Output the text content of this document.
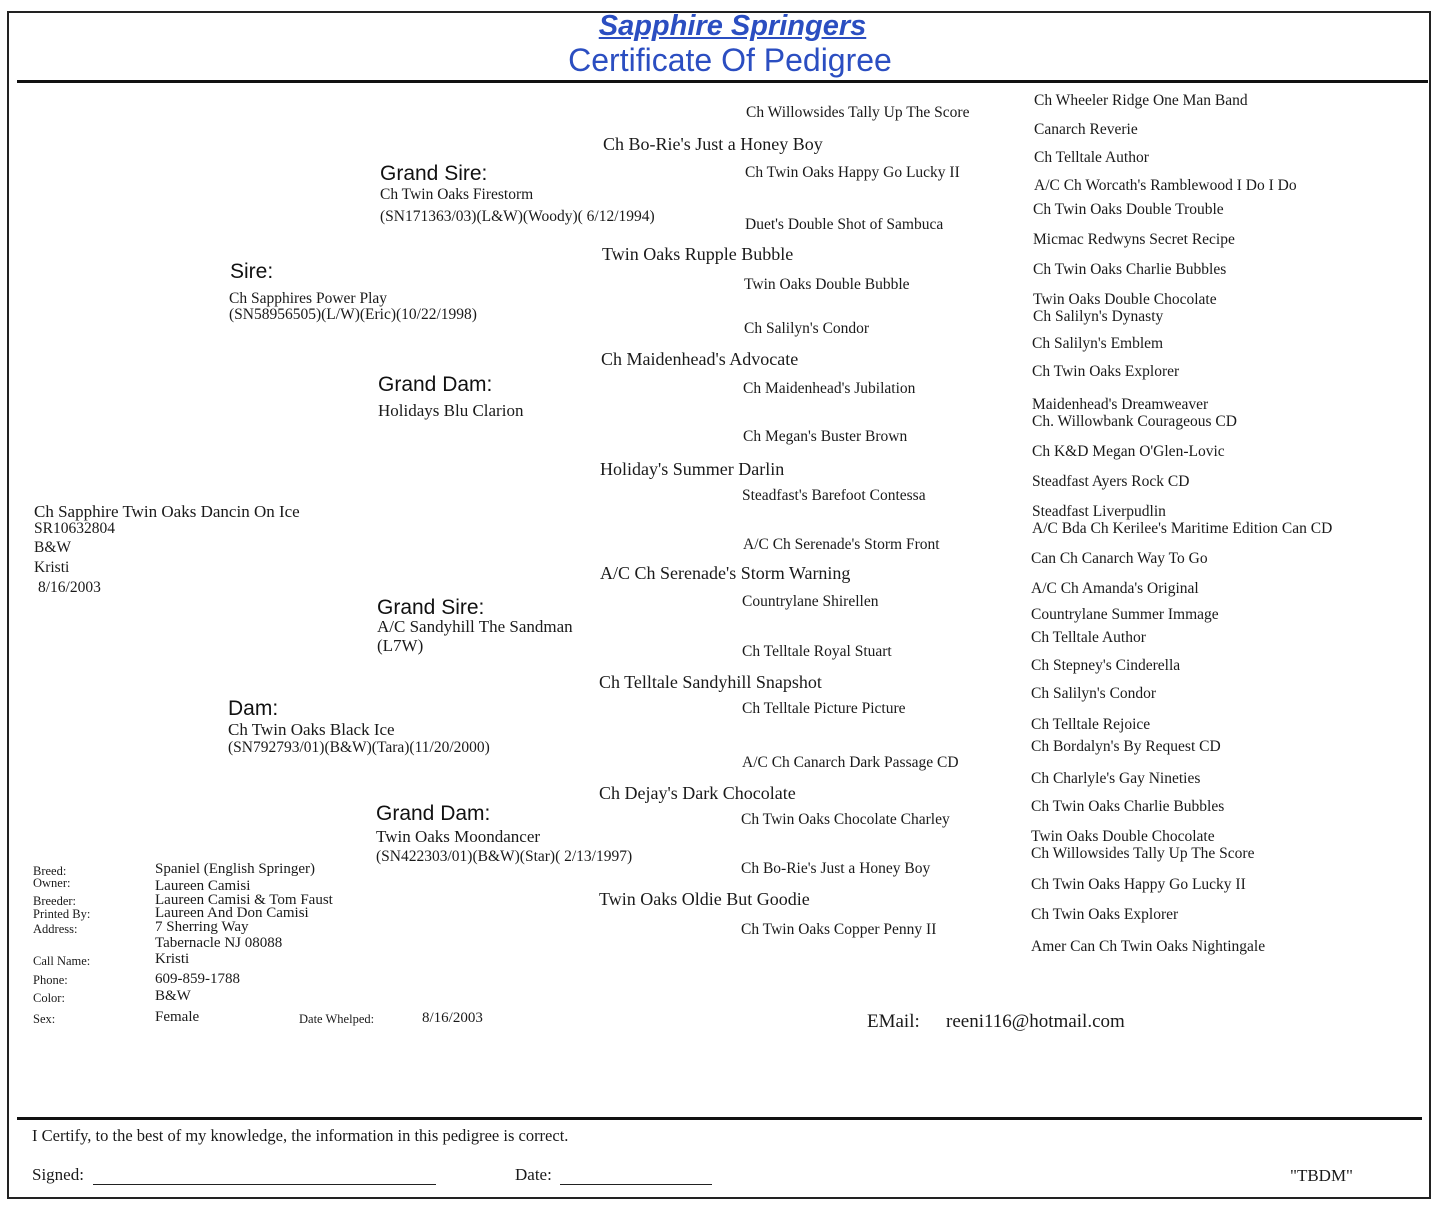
Sapphire Springers
Certificate Of Pedigree
Ch Sapphire Twin Oaks Dancin On Ice
SR10632804
B&W
Kristi
8/16/2003
Sire:
Ch Sapphires Power Play
(SN58956505)(L/W)(Eric)(10/22/1998)
Dam:
Ch Twin Oaks Black Ice
(SN792793/01)(B&W)(Tara)(11/20/2000)
Grand Sire:
Ch Twin Oaks Firestorm
(SN171363/03)(L&W)(Woody)( 6/12/1994)
Grand Dam:
Holidays Blu Clarion
Grand Sire:
A/C Sandyhill The Sandman
(L7W)
Grand Dam:
Twin Oaks Moondancer
(SN422303/01)(B&W)(Star)( 2/13/1997)
Ch Bo-Rie's Just a Honey Boy
Twin Oaks Rupple Bubble
Ch Maidenhead's Advocate
Holiday's Summer Darlin
A/C Ch Serenade's Storm Warning
Ch Telltale Sandyhill Snapshot
Ch Dejay's Dark Chocolate
Twin Oaks Oldie But Goodie
Ch Willowsides Tally Up The Score
Ch Twin Oaks Happy Go Lucky II
Duet's Double Shot of Sambuca
Twin Oaks Double Bubble
Ch Salilyn's Condor
Ch Maidenhead's Jubilation
Ch Megan's Buster Brown
Steadfast's Barefoot Contessa
A/C Ch Serenade's Storm Front
Countrylane Shirellen
Ch Telltale Royal Stuart
Ch Telltale Picture Picture
A/C Ch Canarch Dark Passage CD
Ch Twin Oaks Chocolate Charley
Ch Bo-Rie's Just a Honey Boy
Ch Twin Oaks Copper Penny II
Ch Wheeler Ridge One Man Band
Canarch Reverie
Ch Telltale Author
A/C Ch Worcath's Ramblewood I Do I Do
Ch Twin Oaks Double Trouble
Micmac Redwyns Secret Recipe
Ch Twin Oaks Charlie Bubbles
Twin Oaks Double Chocolate
Ch Salilyn's Dynasty
Ch Salilyn's Emblem
Ch Twin Oaks Explorer
Maidenhead's Dreamweaver
Ch. Willowbank Courageous CD
Ch K&D Megan O'Glen-Lovic
Steadfast Ayers Rock CD
Steadfast Liverpudlin
A/C Bda Ch Kerilee's Maritime Edition Can CD
Can Ch Canarch Way To Go
A/C Ch Amanda's Original
Countrylane Summer Immage
Ch Telltale Author
Ch Stepney's Cinderella
Ch Salilyn's Condor
Ch Telltale Rejoice
Ch Bordalyn's By Request CD
Ch Charlyle's Gay Nineties
Ch Twin Oaks Charlie Bubbles
Twin Oaks Double Chocolate
Ch Willowsides Tally Up The Score
Ch Twin Oaks Happy Go Lucky II
Ch Twin Oaks Explorer
Amer Can Ch Twin Oaks Nightingale
Breed:	Spaniel (English Springer)
Owner:	Laureen Camisi
Breeder:	Laureen Camisi & Tom Faust
Printed By:	Laureen And Don Camisi
Address:	7 Sherring Way
Tabernacle NJ 08088
Call Name:	Kristi
Phone:	609-859-1788
Color:	B&W
Sex:	Female	Date Whelped:	8/16/2003	EMail: reeni116@hotmail.com
I Certify, to the best of my knowledge, the information in this pedigree is correct.
Signed:	Date:	"TBDM"
